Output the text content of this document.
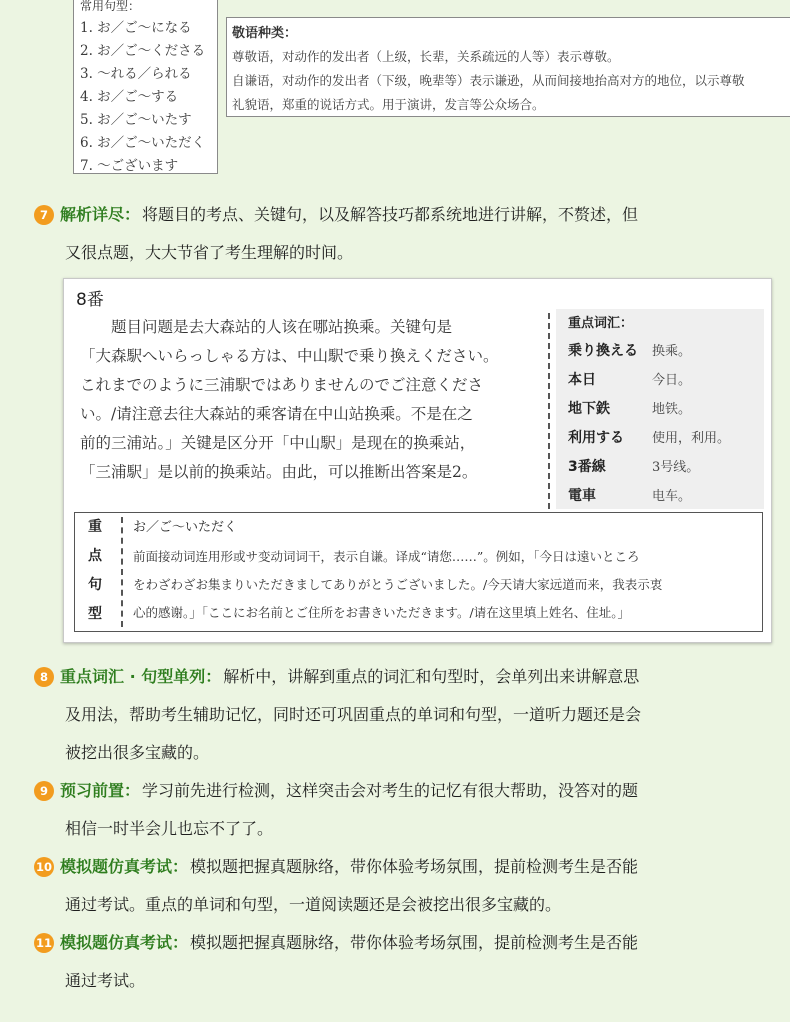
常用句型：
1. お／ご～になる
2. お／ご～くださる
3. ～れる／られる
4. お／ご～する
5. お／ご～いたす
6. お／ご～いただく
7. ～ございます
敬语种类：
尊敬语，对动作的发出者（上级，长辈，关系疏远的人等）表示尊敬。
自谦语，对动作的发出者（下级，晚辈等）表示谦逊，从而间接地抬高对方的地位，以示尊敬
礼貌语，郑重的说话方式。用于演讲，发言等公众场合。
7 解析详尽： 将题目的考点、关键句，以及解答技巧都系统地进行讲解，不赘述，但
又很点题，大大节省了考生理解的时间。
8番
题目问题是去大森站的人该在哪站换乘。关键句是
「大森駅へいらっしゃる方は、中山駅で乗り換えください。
これまでのように三浦駅ではありませんのでご注意くださ
い。/请注意去往大森站的乘客请在中山站换乘。不是在之
前的三浦站。」关键是区分开「中山駅」是现在的换乘站，
「三浦駅」是以前的换乘站。由此，可以推断出答案是2。
重点词汇：
乗り換える 换乘。
本日	今日。
地下鉄	地铁。
利用する 使用，利用。
3番線	3号线。
電車	电车。
重
点
句
型
お／ご～いただく
前面接动词连用形或サ变动词词干，表示自谦。译成“请您……”。例如，「今日は遠いところ
をわざわざお集まりいただきましてありがとうございました。/今天请大家远道而来，我表示衷
心的感谢。」「ここにお名前とご住所をお書きいただきます。/请在这里填上姓名、住址。」
8 重点词汇 · 句型单列： 解析中，讲解到重点的词汇和句型时，会单列出来讲解意思
及用法，帮助考生辅助记忆，同时还可巩固重点的单词和句型，一道听力题还是会
被挖出很多宝藏的。
9 预习前置： 学习前先进行检测，这样突击会对考生的记忆有很大帮助，没答对的题
相信一时半会儿也忘不了了。
10 模拟题仿真考试： 模拟题把握真题脉络，带你体验考场氛围，提前检测考生是否能
通过考试。重点的单词和句型，一道阅读题还是会被挖出很多宝藏的。
11 模拟题仿真考试： 模拟题把握真题脉络，带你体验考场氛围，提前检测考生是否能
通过考试。
